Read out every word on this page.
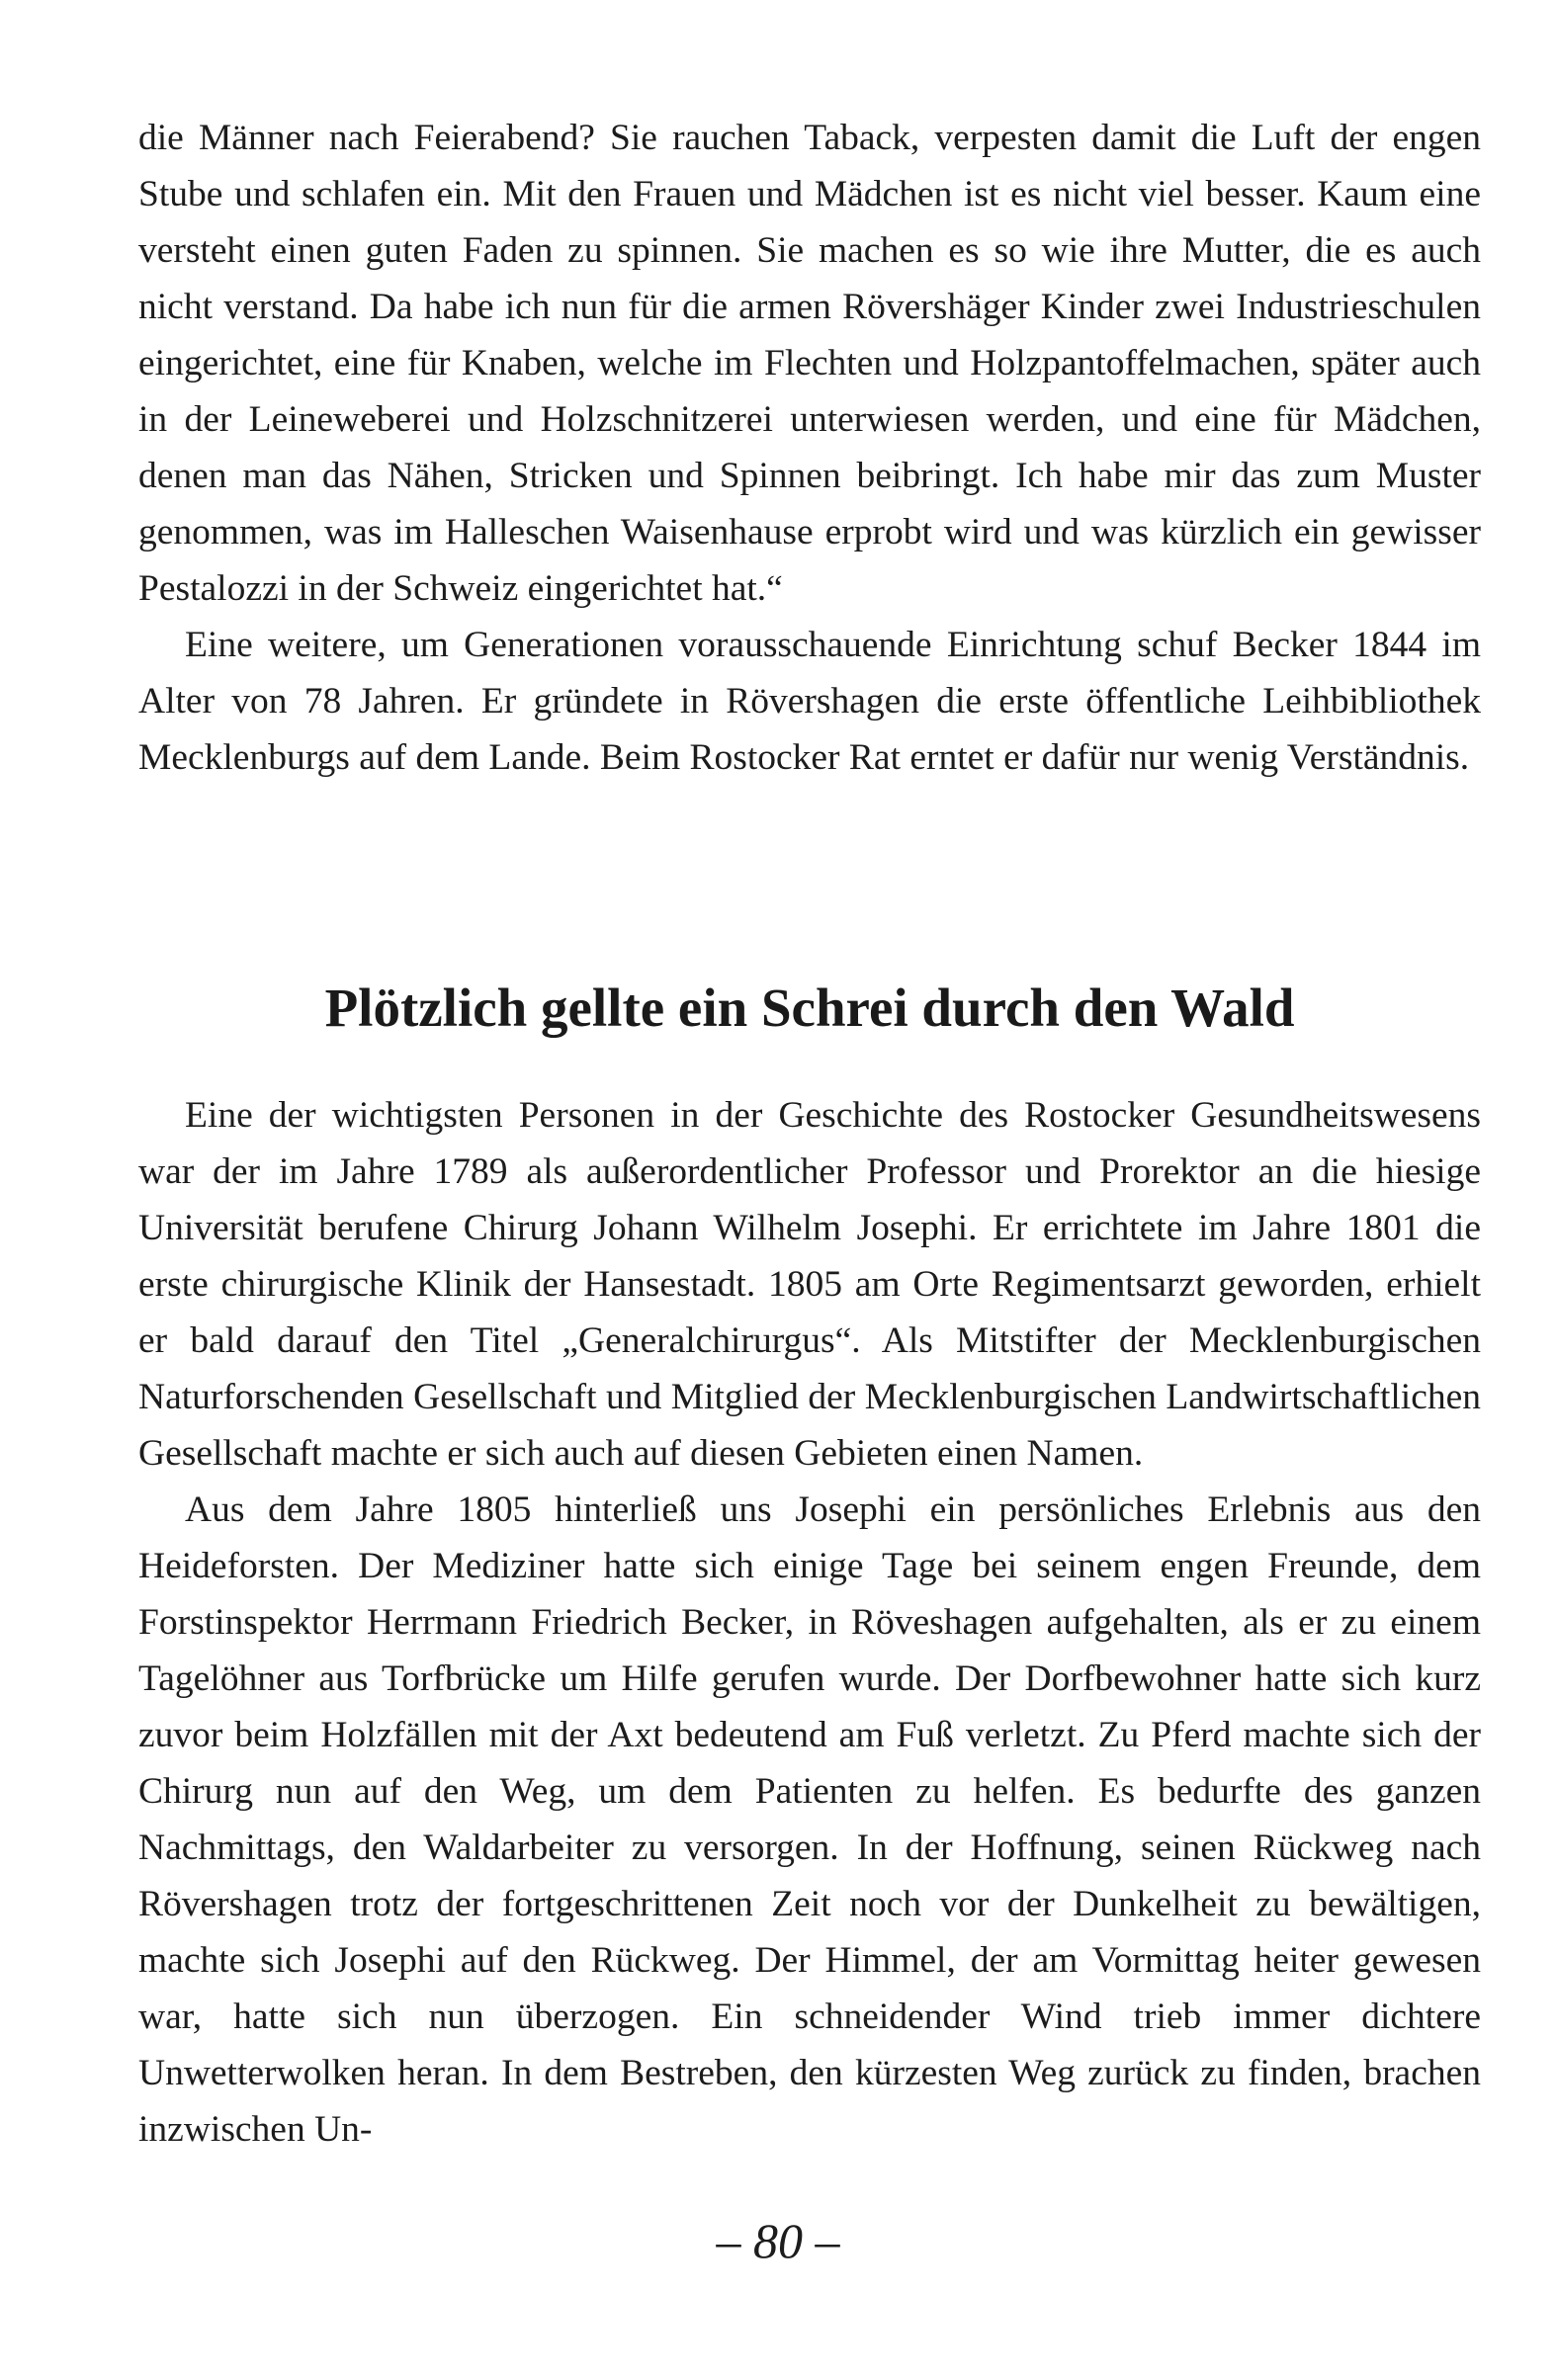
die Männer nach Feierabend? Sie rauchen Taback, verpesten damit die Luft der engen Stube und schlafen ein. Mit den Frauen und Mädchen ist es nicht viel besser. Kaum eine versteht einen guten Faden zu spinnen. Sie machen es so wie ihre Mutter, die es auch nicht verstand. Da habe ich nun für die armen Rövershäger Kinder zwei Industrieschulen eingerichtet, eine für Knaben, welche im Flechten und Holzpantoffelmachen, später auch in der Leineweberei und Holzschnitzerei unterwiesen werden, und eine für Mädchen, denen man das Nähen, Stricken und Spinnen beibringt. Ich habe mir das zum Muster genommen, was im Halleschen Waisenhause erprobt wird und was kürzlich ein gewisser Pestalozzi in der Schweiz eingerichtet hat.“

Eine weitere, um Generationen vorausschauende Einrichtung schuf Becker 1844 im Alter von 78 Jahren. Er gründete in Rövershagen die erste öffentliche Leihbibliothek Mecklenburgs auf dem Lande. Beim Rostocker Rat erntet er dafür nur wenig Verständnis.

Plötzlich gellte ein Schrei durch den Wald

Eine der wichtigsten Personen in der Geschichte des Rostocker Gesundheitswesens war der im Jahre 1789 als außerordentlicher Professor und Prorektor an die hiesige Universität berufene Chirurg Johann Wilhelm Josephi. Er errichtete im Jahre 1801 die erste chirurgische Klinik der Hansestadt. 1805 am Orte Regimentsarzt geworden, erhielt er bald darauf den Titel „Generalchirurgus“. Als Mitstifter der Mecklenburgischen Naturforschenden Gesellschaft und Mitglied der Mecklenburgischen Landwirtschaftlichen Gesellschaft machte er sich auch auf diesen Gebieten einen Namen.

Aus dem Jahre 1805 hinterließ uns Josephi ein persönliches Erlebnis aus den Heideforsten. Der Mediziner hatte sich einige Tage bei seinem engen Freunde, dem Forstinspektor Herrmann Friedrich Becker, in Röveshagen aufgehalten, als er zu einem Tagelöhner aus Torfbrücke um Hilfe gerufen wurde. Der Dorfbewohner hatte sich kurz zuvor beim Holzfällen mit der Axt bedeutend am Fuß verletzt. Zu Pferd machte sich der Chirurg nun auf den Weg, um dem Patienten zu helfen. Es bedurfte des ganzen Nachmittags, den Waldarbeiter zu versorgen. In der Hoffnung, seinen Rückweg nach Rövershagen trotz der fortgeschrittenen Zeit noch vor der Dunkelheit zu bewältigen, machte sich Josephi auf den Rückweg. Der Himmel, der am Vormittag heiter gewesen war, hatte sich nun überzogen. Ein schneidender Wind trieb immer dichtere Unwetterwolken heran. In dem Bestreben, den kürzesten Weg zurück zu finden, brachen inzwischen Un-

– 80 –
